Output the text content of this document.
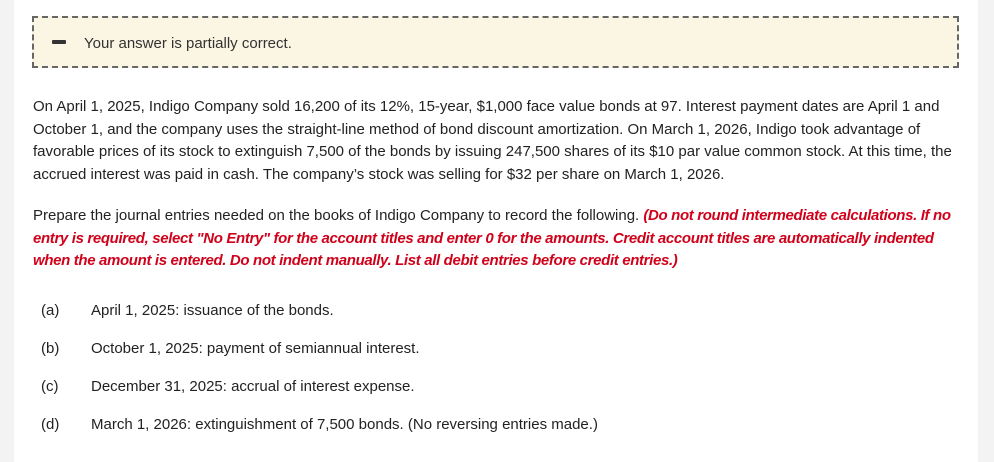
Your answer is partially correct.
On April 1, 2025, Indigo Company sold 16,200 of its 12%, 15-year, $1,000 face value bonds at 97. Interest payment dates are April 1 and October 1, and the company uses the straight-line method of bond discount amortization. On March 1, 2026, Indigo took advantage of favorable prices of its stock to extinguish 7,500 of the bonds by issuing 247,500 shares of its $10 par value common stock. At this time, the accrued interest was paid in cash. The company’s stock was selling for $32 per share on March 1, 2026.
Prepare the journal entries needed on the books of Indigo Company to record the following. (Do not round intermediate calculations. If no entry is required, select "No Entry" for the account titles and enter 0 for the amounts. Credit account titles are automatically indented when the amount is entered. Do not indent manually. List all debit entries before credit entries.)
(a) April 1, 2025: issuance of the bonds.
(b) October 1, 2025: payment of semiannual interest.
(c) December 31, 2025: accrual of interest expense.
(d) March 1, 2026: extinguishment of 7,500 bonds. (No reversing entries made.)
